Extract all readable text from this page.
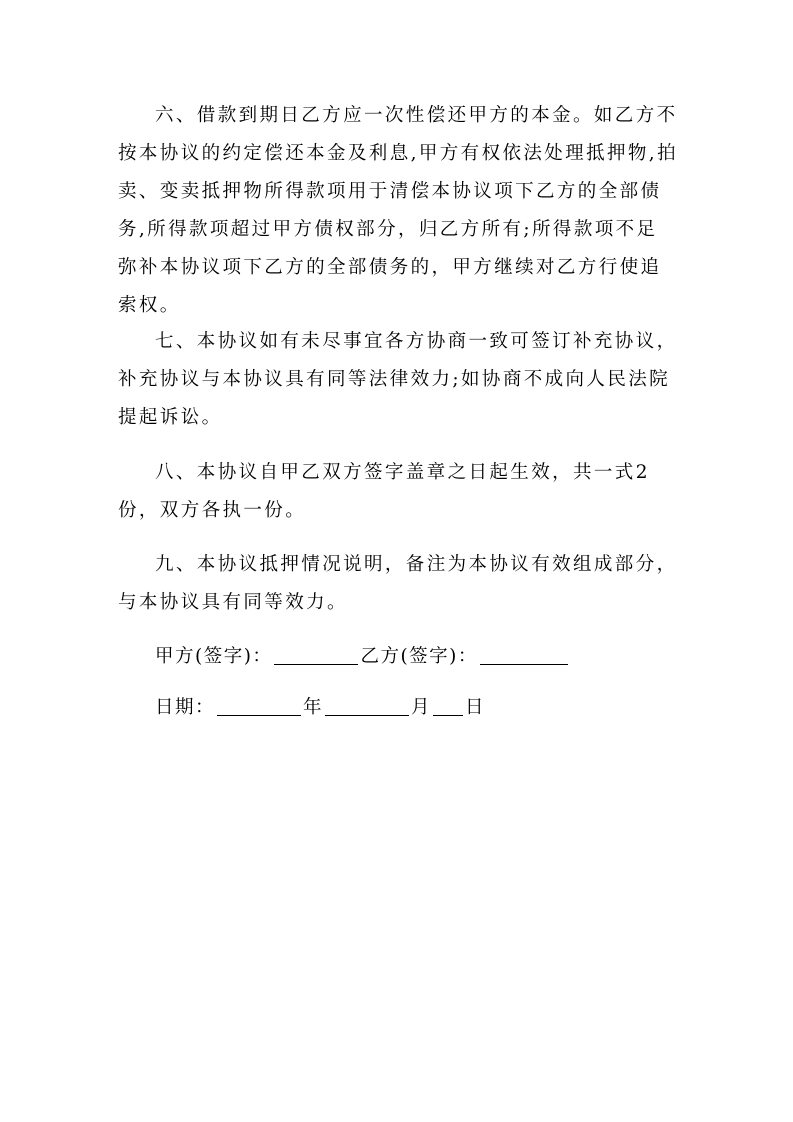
六、借款到期日乙方应一次性偿还甲方的本金。如乙方不按本协议的约定偿还本金及利息,甲方有权依法处理抵押物,拍卖、变卖抵押物所得款项用于清偿本协议项下乙方的全部债务,所得款项超过甲方债权部分，归乙方所有;所得款项不足弥补本协议项下乙方的全部债务的，甲方继续对乙方行使追索权。

七、本协议如有未尽事宜各方协商一致可签订补充协议，补充协议与本协议具有同等法律效力;如协商不成向人民法院提起诉讼。

八、本协议自甲乙双方签字盖章之日起生效，共一式2份，双方各执一份。

九、本协议抵押情况说明，备注为本协议有效组成部分，与本协议具有同等效力。

甲方(签字)：	乙方(签字)：
日期：	年	月 日
